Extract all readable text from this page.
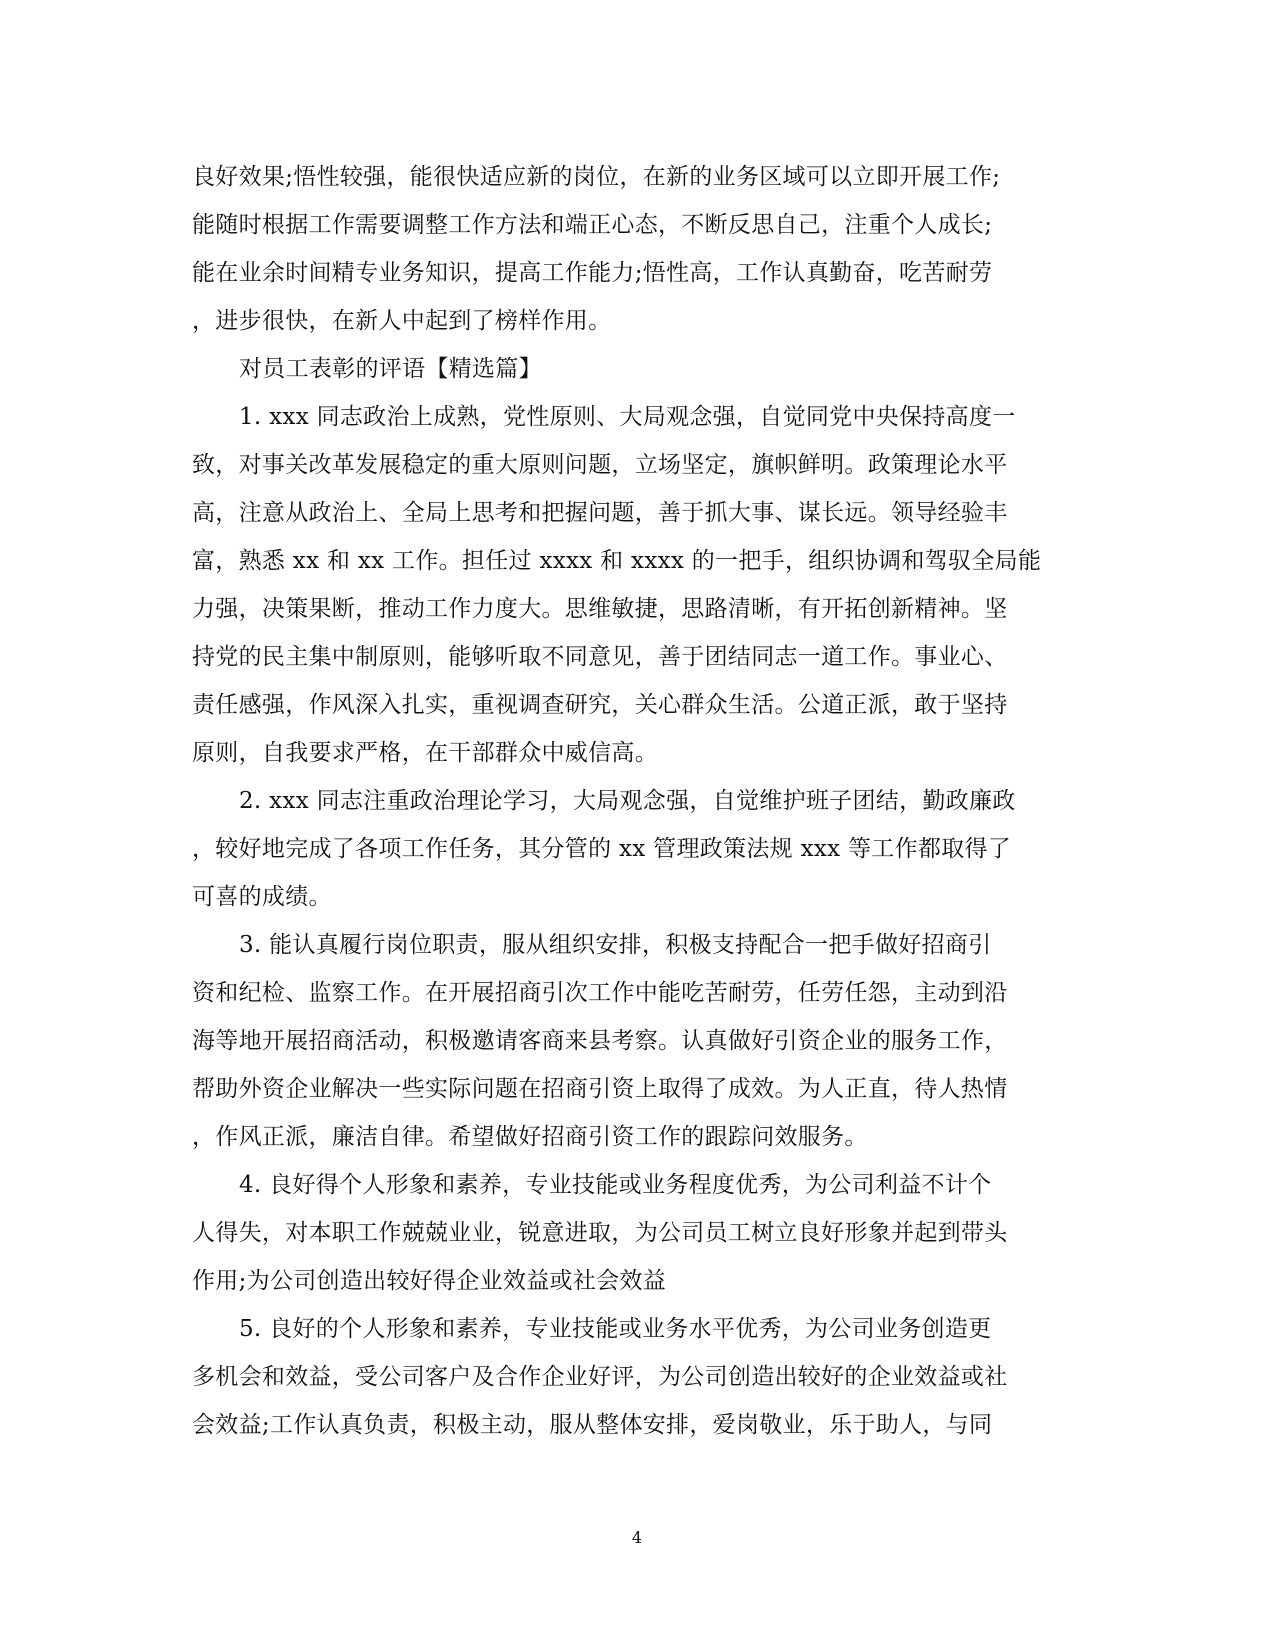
良好效果;悟性较强，能很快适应新的岗位，在新的业务区域可以立即开展工作;
能随时根据工作需要调整工作方法和端正心态，不断反思自己，注重个人成长;
能在业余时间精专业务知识，提高工作能力;悟性高，工作认真勤奋，吃苦耐劳
，进步很快，在新人中起到了榜样作用。
对员工表彰的评语【精选篇】
1. xxx 同志政治上成熟，党性原则、大局观念强，自觉同党中央保持高度一
致，对事关改革发展稳定的重大原则问题，立场坚定，旗帜鲜明。政策理论水平
高，注意从政治上、全局上思考和把握问题，善于抓大事、谋长远。领导经验丰
富，熟悉 xx 和 xx 工作。担任过 xxxx 和 xxxx 的一把手，组织协调和驾驭全局能
力强，决策果断，推动工作力度大。思维敏捷，思路清晰，有开拓创新精神。坚
持党的民主集中制原则，能够听取不同意见，善于团结同志一道工作。事业心、
责任感强，作风深入扎实，重视调查研究，关心群众生活。公道正派，敢于坚持
原则，自我要求严格，在干部群众中威信高。
2. xxx 同志注重政治理论学习，大局观念强，自觉维护班子团结，勤政廉政
，较好地完成了各项工作任务，其分管的 xx 管理政策法规 xxx 等工作都取得了
可喜的成绩。
3. 能认真履行岗位职责，服从组织安排，积极支持配合一把手做好招商引
资和纪检、监察工作。在开展招商引次工作中能吃苦耐劳，任劳任怨，主动到沿
海等地开展招商活动，积极邀请客商来县考察。认真做好引资企业的服务工作，
帮助外资企业解决一些实际问题在招商引资上取得了成效。为人正直，待人热情
，作风正派，廉洁自律。希望做好招商引资工作的跟踪问效服务。
4. 良好得个人形象和素养，专业技能或业务程度优秀，为公司利益不计个
人得失，对本职工作兢兢业业，锐意进取，为公司员工树立良好形象并起到带头
作用;为公司创造出较好得企业效益或社会效益
5. 良好的个人形象和素养，专业技能或业务水平优秀，为公司业务创造更
多机会和效益，受公司客户及合作企业好评，为公司创造出较好的企业效益或社
会效益;工作认真负责，积极主动，服从整体安排，爱岗敬业，乐于助人，与同
4
